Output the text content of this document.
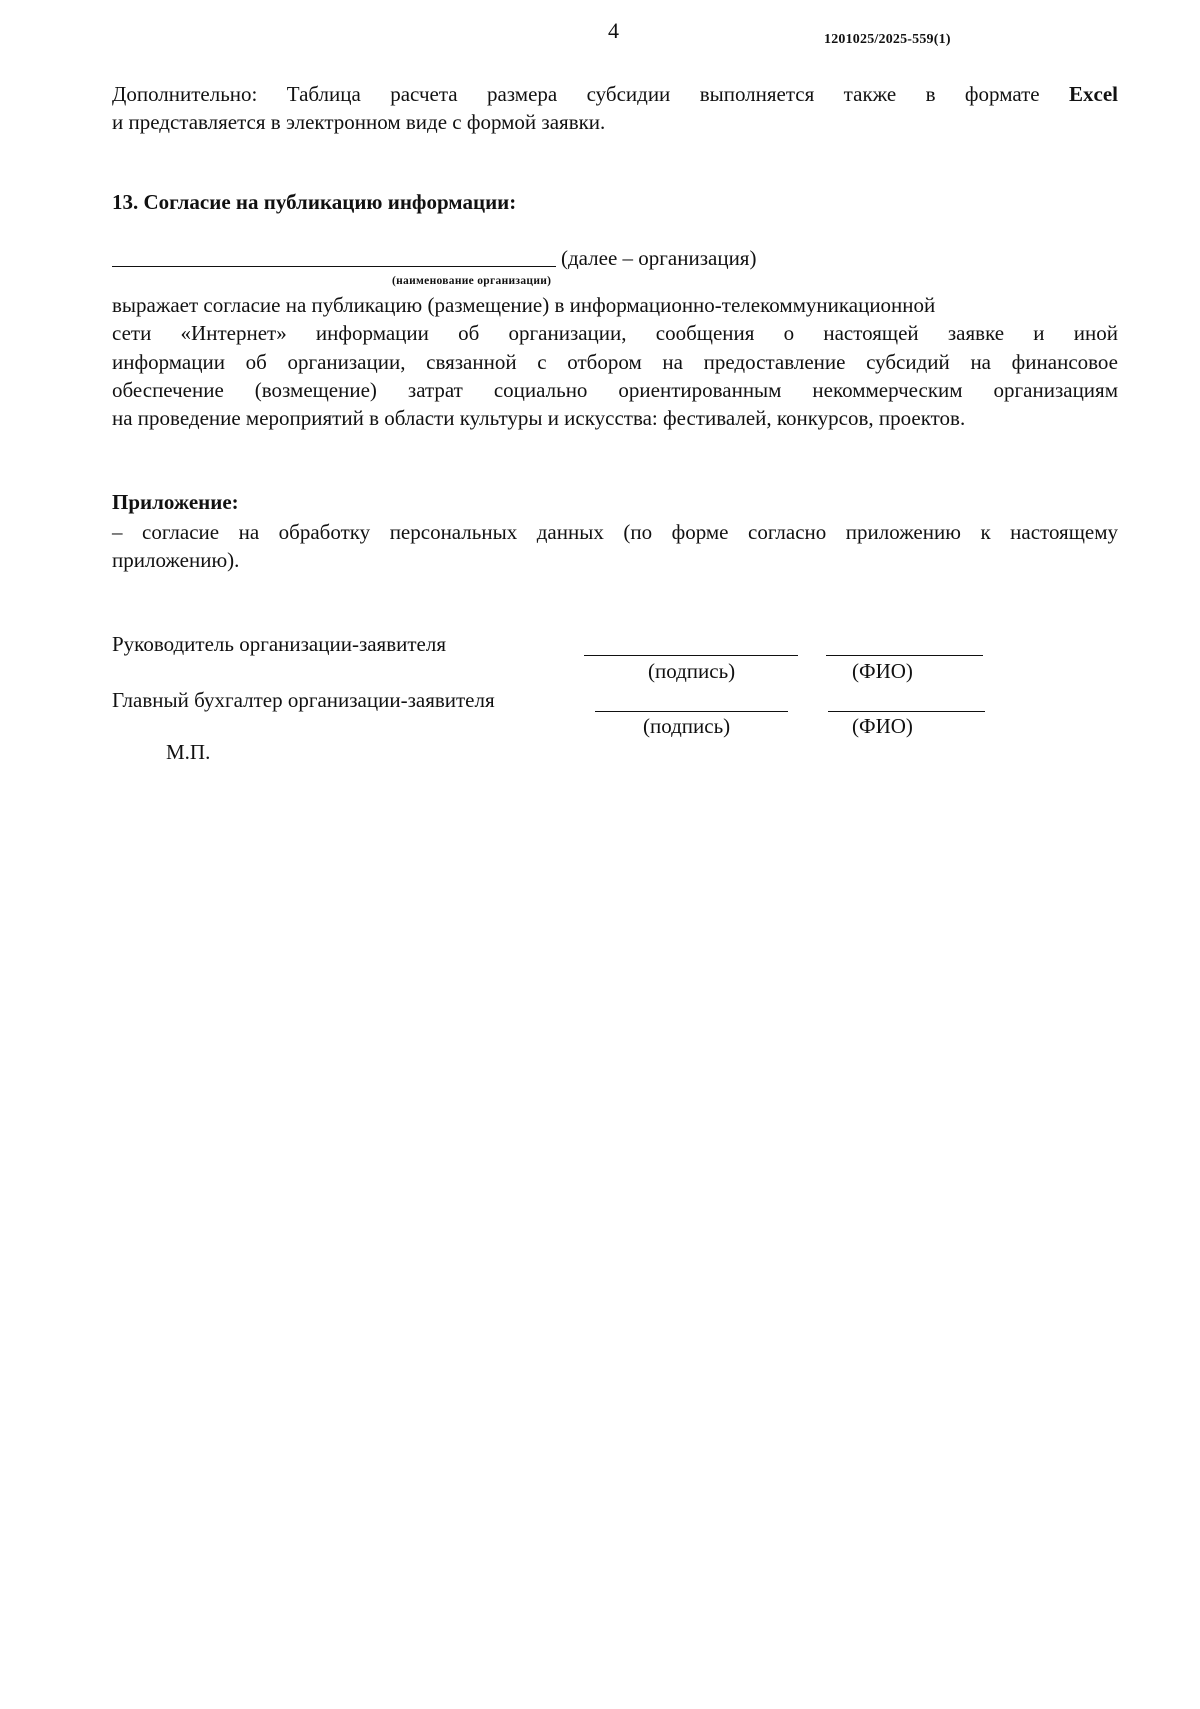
4	1201025/2025-559(1)
Дополнительно: Таблица расчета размера субсидии выполняется также в формате Excel
и представляется в электронном виде с формой заявки.
13. Согласие на публикацию информации:
(далее – организация)
(наименование организации)
выражает согласие на публикацию (размещение) в информационно-телекоммуникационной
сети «Интернет» информации об организации, сообщения о настоящей заявке и иной
информации об организации, связанной с отбором на предоставление субсидий на финансовое
обеспечение (возмещение) затрат социально ориентированным некоммерческим организациям
на проведение мероприятий в области культуры и искусства: фестивалей, конкурсов, проектов.
Приложение:
– согласие на обработку персональных данных (по форме согласно приложению к настоящему
приложению).
Руководитель организации-заявителя
(подпись)	(ФИО)
Главный бухгалтер организации-заявителя
(подпись)	(ФИО)
М.П.
